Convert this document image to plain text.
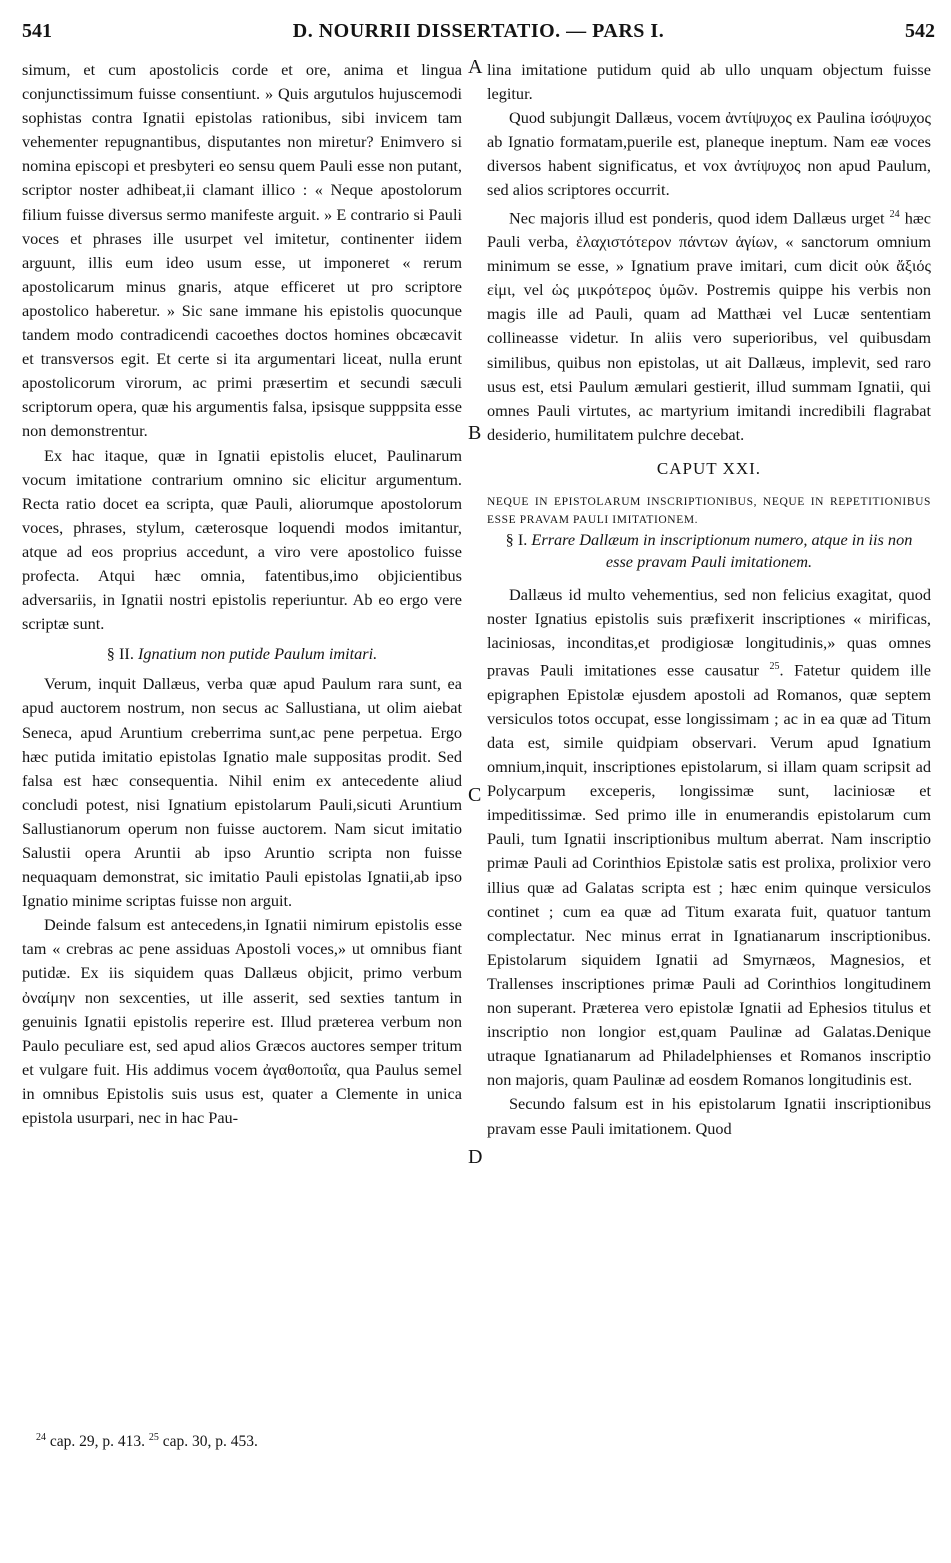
541	D. NOURRII DISSERTATIO. — PARS I.	542

simum, et cum apostolicis corde et ore, anima et lingua conjunctissimum fuisse consentiunt. » Quis argutulos hujuscemodi sophistas contra Ignatii epistolas rationibus, sibi invicem tam vehementer repugnantibus, disputantes non miretur? Enimvero si nomina episcopi et presbyteri eo sensu quem Pauli esse non putant, scriptor noster adhibeat,ii clamant illico : « Neque apostolorum filium fuisse diversus sermo manifeste arguit. » E contrario si Pauli voces et phrases ille usurpet vel imitetur, continenter iidem arguunt, illis eum ideo usum esse, ut imponeret « rerum apostolicarum minus gnaris, atque efficeret ut pro scriptore apostolico haberetur. » Sic sane immane his epistolis quocunque tandem modo contradicendi cacoethes doctos homines obcæcavit et transversos egit. Et certe si ita argumentari liceat, nulla erunt apostolicorum virorum, ac primi præsertim et secundi sæculi scriptorum opera, quæ his argumentis falsa, ipsisque supppsita esse non demonstrentur.

Ex hac itaque, quæ in Ignatii epistolis elucet, Paulinarum vocum imitatione contrarium omnino sic elicitur argumentum. Recta ratio docet ea scripta, quæ Pauli, aliorumque apostolorum voces, phrases, stylum, cæterosque loquendi modos imitantur, atque ad eos proprius accedunt, a viro vere apostolico fuisse profecta. Atqui hæc omnia, fatentibus,imo objicientibus adversariis, in Ignatii nostri epistolis reperiuntur. Ab eo ergo vere scriptæ sunt.

§ II. Ignatium non putide Paulum imitari.

Verum, inquit Dallæus, verba quæ apud Paulum rara sunt, ea apud auctorem nostrum, non secus ac Sallustiana, ut olim aiebat Seneca, apud Aruntium creberrima sunt,ac pene perpetua. Ergo hæc putida imitatio epistolas Ignatio male suppositas prodit. Sed falsa est hæc consequentia. Nihil enim ex antecedente aliud concludi potest, nisi Ignatium epistolarum Pauli,sicuti Aruntium Sallustianorum operum non fuisse auctorem. Nam sicut imitatio Salustii opera Aruntii ab ipso Aruntio scripta non fuisse nequaquam demonstrat, sic imitatio Pauli epistolas Ignatii,ab ipso Ignatio minime scriptas fuisse non arguit.

Deinde falsum est antecedens,in Ignatii nimirum epistolis esse tam « crebras ac pene assiduas Apostoli voces,» ut omnibus fiant putidæ. Ex iis siquidem quas Dallæus objicit, primo verbum ὀναίμην non sexcenties, ut ille asserit, sed sexties tantum in genuinis Ignatii epistolis reperire est. Illud præterea verbum non Paulo peculiare est, sed apud alios Græcos auctores semper tritum et vulgare fuit. His addimus vocem ἀγαθοποιΐα, qua Paulus semel in omnibus Epistolis suis usus est, quater a Clemente in unica epistola usurpari, nec in hac Pau-

lina imitatione putidum quid ab ullo unquam objectum fuisse legitur.

Quod subjungit Dallæus, vocem ἀντίψυχος ex Paulina ἰσόψυχος ab Ignatio formatam,puerile est, planeque ineptum. Nam eæ voces diversos habent significatus, et vox ἀντίψυχος non apud Paulum, sed alios scriptores occurrit.

Nec majoris illud est ponderis, quod idem Dallæus urget $^{24}$ hæc Pauli verba, ἐλαχιστότερον πάντων ἁγίων, « sanctorum omnium minimum se esse, » Ignatium prave imitari, cum dicit οὐκ ἄξιός εἰμι, vel ὡς μικρότερος ὑμῶν. Postremis quippe his verbis non magis ille ad Pauli, quam ad Matthæi vel Lucæ sententiam collineasse videtur. In aliis vero superioribus, vel quibusdam similibus, quibus non epistolas, ut ait Dallæus, implevit, sed raro usus est, etsi Paulum æmulari gestierit, illud summam Ignatii, qui omnes Pauli virtutes, ac martyrium imitandi incredibili flagrabat desiderio, humilitatem pulchre decebat.

CAPUT XXI.

NEQUE IN EPISTOLARUM INSCRIPTIONIBUS, NEQUE IN REPETITIONIBUS ESSE PRAVAM PAULI IMITATIONEM.

§ I. Errare Dallæum in inscriptionum numero, atque in iis non esse pravam Pauli imitationem.

Dallæus id multo vehementius, sed non felicius exagitat, quod noster Ignatius epistolis suis præfixerit inscriptiones « mirificas, laciniosas, inconditas,et prodigiosæ longitudinis,» quas omnes pravas Pauli imitationes esse causatur $^{25}$. Fatetur quidem ille epigraphen Epistolæ ejusdem apostoli ad Romanos, quæ septem versiculos totos occupat, esse longissimam ; ac in ea quæ ad Titum data est, simile quidpiam observari. Verum apud Ignatium omnium,inquit, inscriptiones epistolarum, si illam quam scripsit ad Polycarpum exceperis, longissimæ sunt, laciniosæ et impeditissimæ. Sed primo ille in enumerandis epistolarum cum Pauli, tum Ignatii inscriptionibus multum aberrat. Nam inscriptio primæ Pauli ad Corinthios Epistolæ satis est prolixa, prolixior vero illius quæ ad Galatas scripta est ; hæc enim quinque versiculos continet ; cum ea quæ ad Titum exarata fuit, quatuor tantum complectatur. Nec minus errat in Ignatianarum inscriptionibus. Epistolarum siquidem Ignatii ad Smyrnæos, Magnesios, et Trallenses inscriptiones primæ Pauli ad Corinthios longitudinem non superant. Præterea vero epistolæ Ignatii ad Ephesios titulus et inscriptio non longior est,quam Paulinæ ad Galatas.Denique utraque Ignatianarum ad Philadelphienses et Romanos inscriptio non majoris, quam Paulinæ ad eosdem Romanos longitudinis est.

Secundo falsum est in his epistolarum Ignatii inscriptionibus pravam esse Pauli imitationem. Quod

A
B
C
D
$^{24}$ cap. 29, p. 413. $^{25}$ cap. 30, p. 453.
